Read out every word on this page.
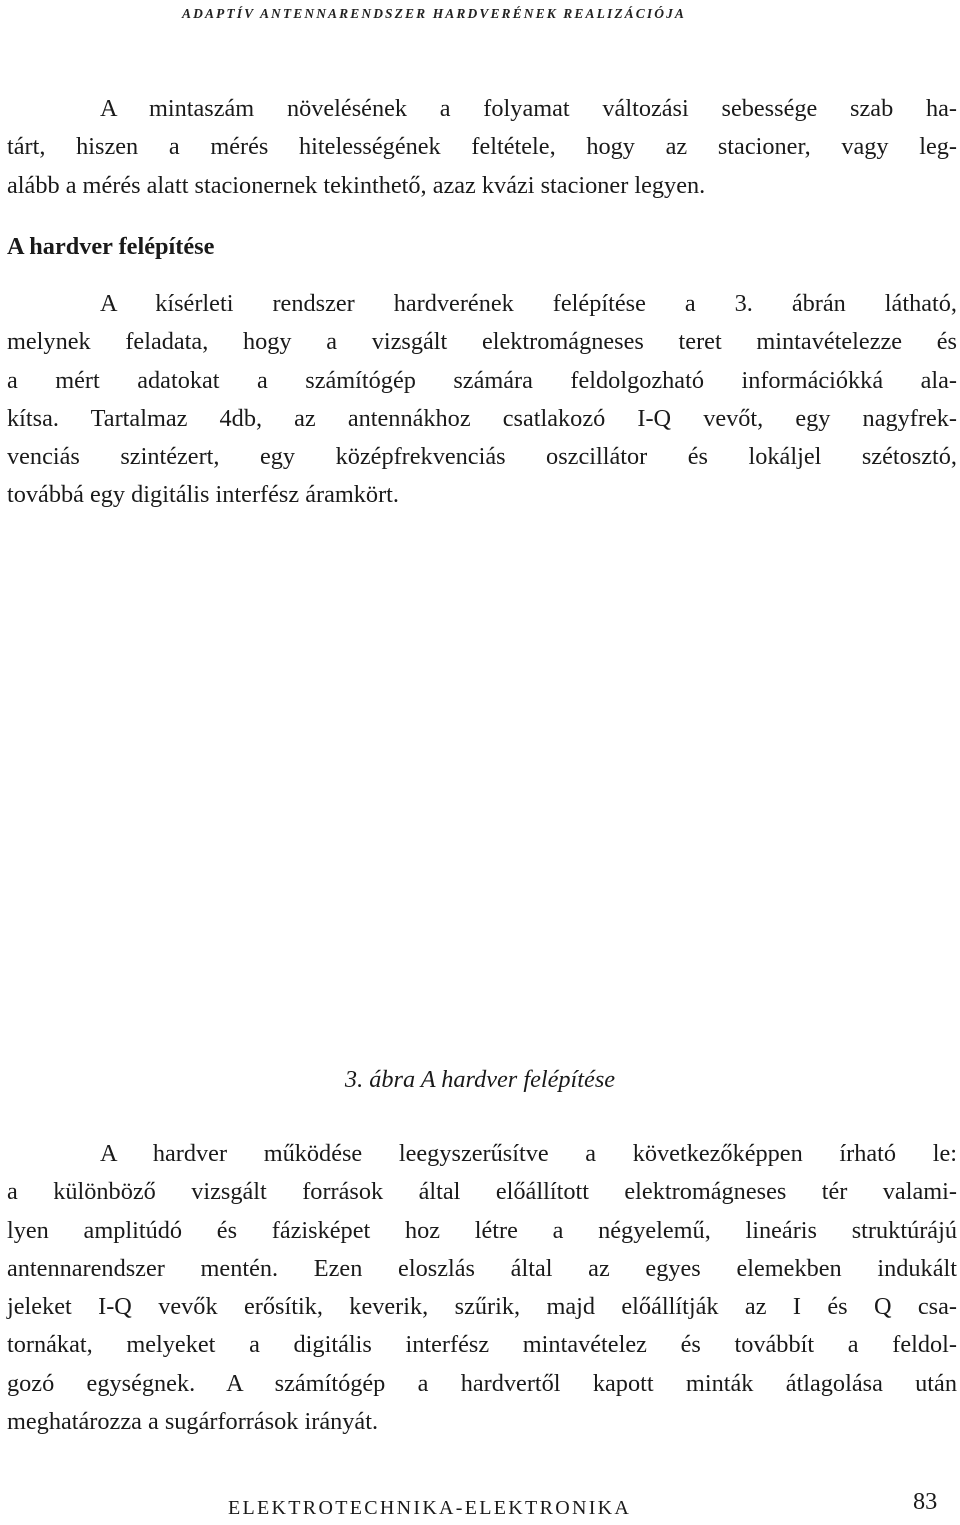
ADAPTÍV ANTENNARENDSZER HARDVERÉNEK REALIZÁCIÓJA
A mintaszám növelésének a folyamat változási sebessége szab ha-
tárt, hiszen a mérés hitelességének feltétele, hogy az stacioner, vagy leg-
alább a mérés alatt stacionernek tekinthető, azaz kvázi stacioner legyen.
A hardver felépítése
A kísérleti rendszer hardverének felépítése a 3. ábrán látható,
melynek feladata, hogy a vizsgált elektromágneses teret mintavételezze és
a mért adatokat a számítógép számára feldolgozható információkká ala-
kítsa. Tartalmaz 4db, az antennákhoz csatlakozó I-Q vevőt, egy nagyfrek-
venciás szintézert, egy középfrekvenciás oszcillátor és lokáljel szétosztó,
továbbá egy digitális interfész áramkört.

3. ábra A hardver felépítése

A hardver működése leegyszerűsítve a következőképpen írható le:
a különböző vizsgált források által előállított elektromágneses tér valami-
lyen amplitúdó és fázisképet hoz létre a négyelemű, lineáris struktúrájú
antennarendszer mentén. Ezen eloszlás által az egyes elemekben indukált
jeleket I-Q vevők erősítik, keverik, szűrik, majd előállítják az I és Q csa-
tornákat, melyeket a digitális interfész mintavételez és továbbít a feldol-
gozó egységnek. A számítógép a hardvertől kapott minták átlagolása után
meghatározza a sugárforrások irányát.
ELEKTROTECHNIKA-ELEKTRONIKA	83
